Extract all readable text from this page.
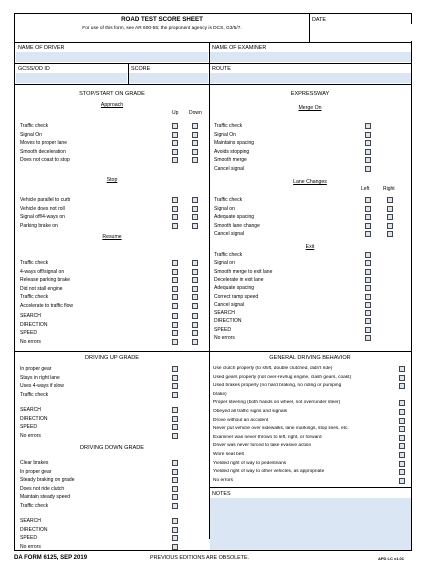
ROAD TEST SCORE SHEET
For use of this form, see AR 600-55; the proponent agency is DCS, G3/5/7.
DATE
NAME OF DRIVER	NAME OF EXAMINER
GCSS/OD ID	SCORE	ROUTE
STOP/START ON GRADE
Approach
Up Down
Stop
Resume
EXPRESSWAY
Merge On
Lane Changes
Left	Right
Exit
DRIVING UP GRADE
DRIVING DOWN GRADE
GENERAL DRIVING BEHAVIOR
NOTES
Traffic check
Signal On
Moves to proper lane
Smooth deceleration
Does not coast to stop
Vehicle parallel to curb
Vehicle does not roll
Signal off/4-ways on
Parking brake on
Traffic check
4-ways off/signal on
Release parking brake
Did not stall engine
Traffic check
Accelerate to traffic flow
SEARCH
DIRECTION
SPEED
No errors
Traffic check
Signal On
Maintains spacing
Avoids stopping
Smooth merge
Cancel signal
Traffic check
Signal on
Adequate spacing
Smooth lane change
Cancel signal
Traffic check
Signal on
Smooth merge to exit lane
Decelerate in exit lane
Adequate spacing
Correct ramp speed
Cancel signal
SEARCH
DIRECTION
SPEED
No errors
In proper gear
Stays in right lane
Uses 4-ways if slow
Traffic check
SEARCH
DIRECTION
SPEED
No errors
Clear brakes
In proper gear
Steady braking on grade
Does not ride clutch
Maintain steady speed
Traffic check
SEARCH
DIRECTION
SPEED
No errors
Use clutch properly (to shift, double clutched, didn't ride)
Used gears properly (not over-rev/lug engine, clash gears, coast)
Used brakes properly (no hard braking, no riding or pumping
brake)
Proper steering (both hands on wheel, not over/under steer)
Obeyed all traffic signs and signals
Drove without an accident
Never put vehicle over sidewalks, lane markings, stop lines, etc.
Examiner was never thrown to left, right, or forward
Driver was never forced to take evasive action
Wore seat belt
Yielded right of way to pedestrians
Yielded right of way to other vehicles, as appropriate
No errors
DA FORM 6125, SEP 2019	PREVIOUS EDITIONS ARE OBSOLETE.	APD LC v1.01
